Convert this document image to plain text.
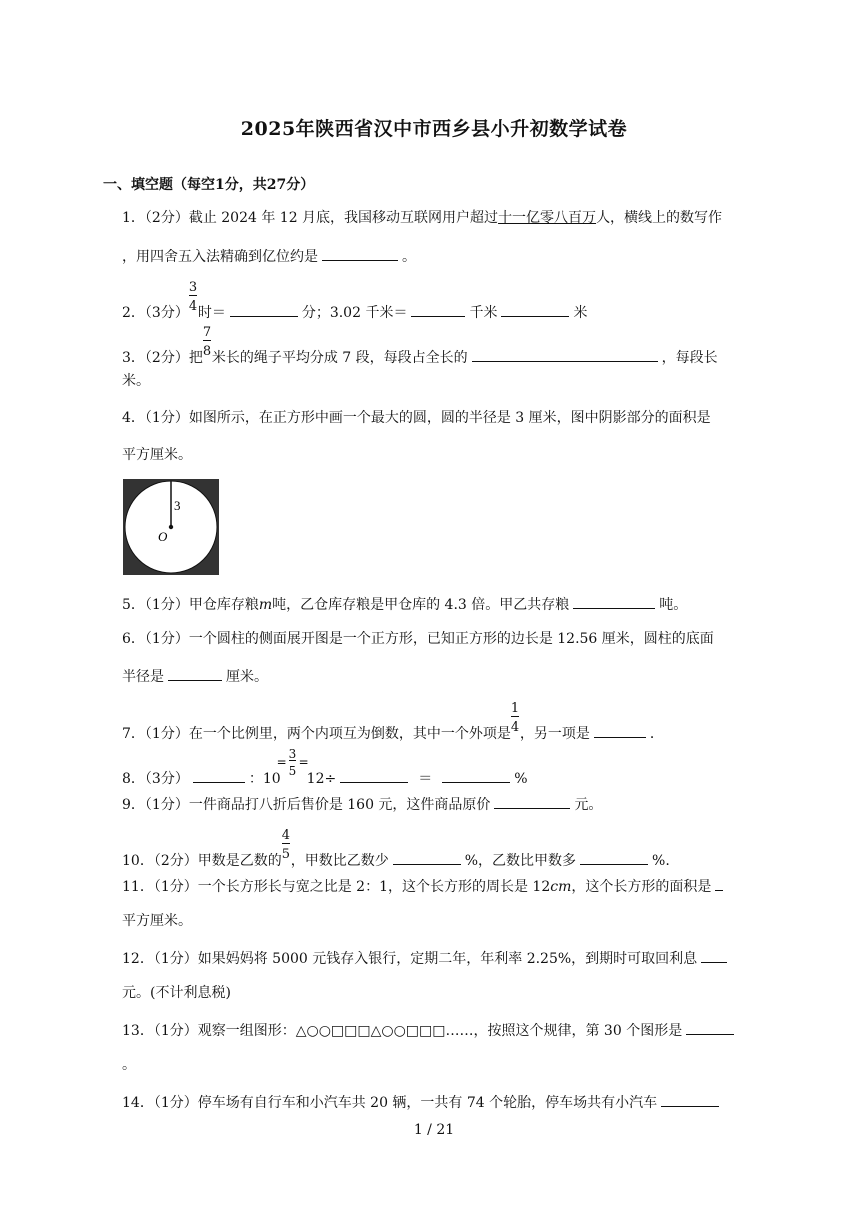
2025年陕西省汉中市西乡县小升初数学试卷
一、填空题（每空1分，共27分）
1．（2分）截止 2024 年 12 月底，我国移动互联网用户超过十一亿零八百万人，横线上的数写作
，用四舍五入法精确到亿位约是	。
2．（3分） $\frac{3}{4}$ 时＝	分；3.02 千米＝	千米	米
3．（2分）把 $\frac{7}{8}$ 米长的绳子平均分成 7 段，每段占全长的	，每段长
米。
4．（1分）如图所示，在正方形中画一个最大的圆，圆的半径是 3 厘米，图中阴影部分的面积是
平方厘米。
3
O
5．（1分）甲仓库存粮m吨，乙仓库存粮是甲仓库的 4.3 倍。甲乙共存粮	吨。
6．（1分）一个圆柱的侧面展开图是一个正方形，已知正方形的边长是 12.56 厘米，圆柱的底面
半径是	厘米。
7．（1分）在一个比例里，两个内项互为倒数，其中一个外项是 $\frac{1}{4}$ ，另一项是	．
8．（3分）	：10
=
3
5
=
12÷	＝	%
9．（1分）一件商品打八折后售价是 160 元，这件商品原价	元。
10．（2分）甲数是乙数的 $\frac{4}{5}$ ，甲数比乙数少	%，乙数比甲数多	%.
11．（1分）一个长方形长与宽之比是 2：1，这个长方形的周长是 12cm，这个长方形的面积是
平方厘米。
12．（1分）如果妈妈将 5000 元钱存入银行，定期二年，年利率 2.25%，到期时可取回利息
元。(不计利息税)
13．（1分）观察一组图形：△○○□□□△○○□□□……，按照这个规律，第 30 个图形是
。
14．（1分）停车场有自行车和小汽车共 20 辆，一共有 74 个轮胎，停车场共有小汽车
1 / 21
